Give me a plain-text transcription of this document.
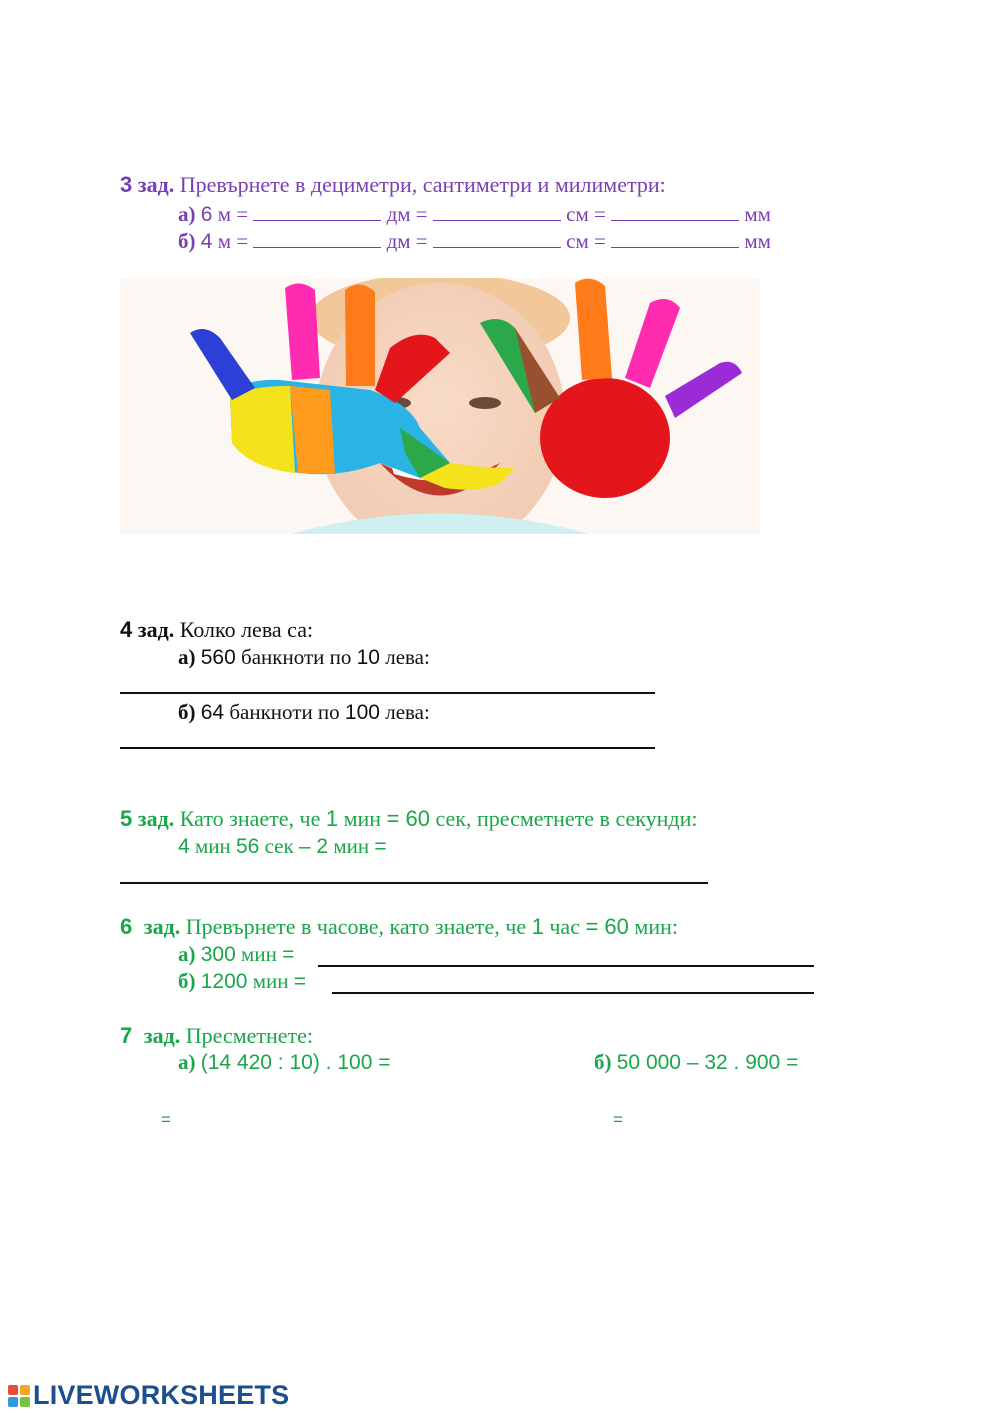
3 зад. Превърнете в дециметри, сантиметри и милиметри:
а) 6 м =	дм =	см =	мм
б) 4 м =	дм =	см =	мм
4 зад. Колко лева са:
а) 560 банкноти по 10 лева:
б) 64 банкноти по 100 лева:
5 зад. Като знаете, че 1 мин = 60 сек, пресметнете в секунди:
4 мин 56 сек – 2 мин =
6 зад. Превърнете в часове, като знаете, че 1 час = 60 мин:
а) 300 мин =
б) 1200 мин =
7 зад. Пресметнете:
а) (14 420 : 10) . 100 =	б) 50 000 – 32 . 900 =
=	=
LIVEWORKSHEETS
